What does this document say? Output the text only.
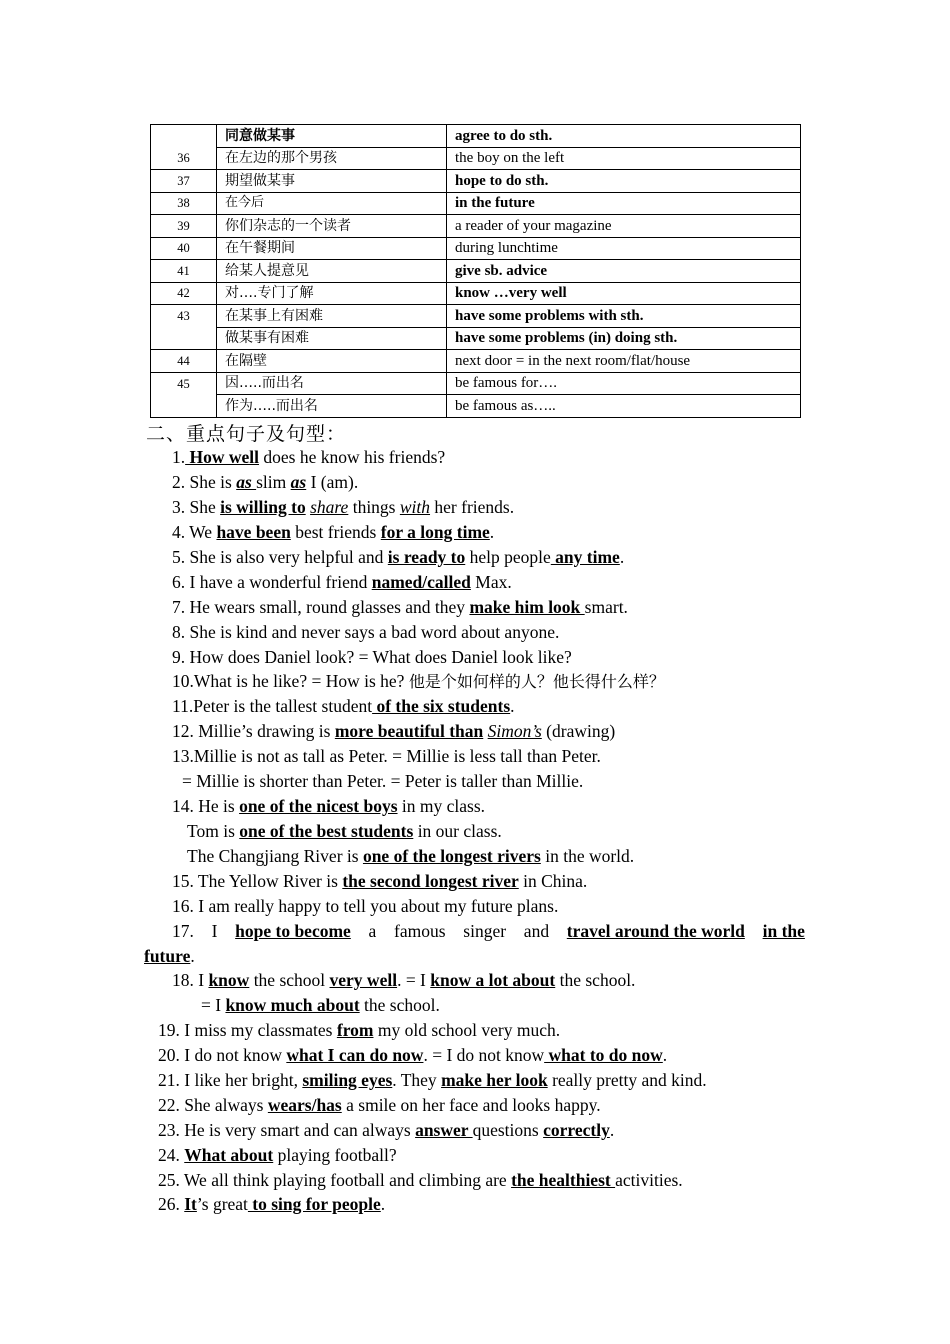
	同意做某事	agree to do sth.
36	在左边的那个男孩	the boy on the left
37	期望做某事	hope to do sth.
38	在今后	in the future
39	你们杂志的一个读者	a reader of your magazine
40	在午餐期间	during lunchtime
41	给某人提意见	give sb. advice
42	对….专门了解	know …very well
43	在某事上有困难	have some problems with sth.
	做某事有困难	have some problems (in) doing sth.
44	在隔壁	next door = in the next room/flat/house
45	因…..而出名	be famous for….
	作为…..而出名	be famous as…..
二、重点句子及句型：
1. How well does he know his friends?
2. She is as slim as I (am).
3. She is willing to share things with her friends.
4. We have been best friends for a long time.
5. She is also very helpful and is ready to help people any time.
6. I have a wonderful friend named/called Max.
7. He wears small, round glasses and they make him look smart.
8. She is kind and never says a bad word about anyone.
9. How does Daniel look? = What does Daniel look like?
10.What is he like? = How is he? 他是个如何样的人？他长得什么样？
11.Peter is the tallest student of the six students.
12. Millie’s drawing is more beautiful than Simon’s (drawing)
13.Millie is not as tall as Peter. = Millie is less tall than Peter.
= Millie is shorter than Peter. = Peter is taller than Millie.
14. He is one of the nicest boys in my class.
Tom is one of the best students in our class.
The Changjiang River is one of the longest rivers in the world.
15. The Yellow River is the second longest river in China.
16. I am really happy to tell you about my future plans.
17. I hope to become a famous singer and travel around the world in the
future.
18. I know the school very well. = I know a lot about the school.
= I know much about the school.
19. I miss my classmates from my old school very much.
20. I do not know what I can do now. = I do not know what to do now.
21. I like her bright, smiling eyes. They make her look really pretty and kind.
22. She always wears/has a smile on her face and looks happy.
23. He is very smart and can always answer questions correctly.
24. What about playing football?
25. We all think playing football and climbing are the healthiest activities.
26. It’s great to sing for people.
